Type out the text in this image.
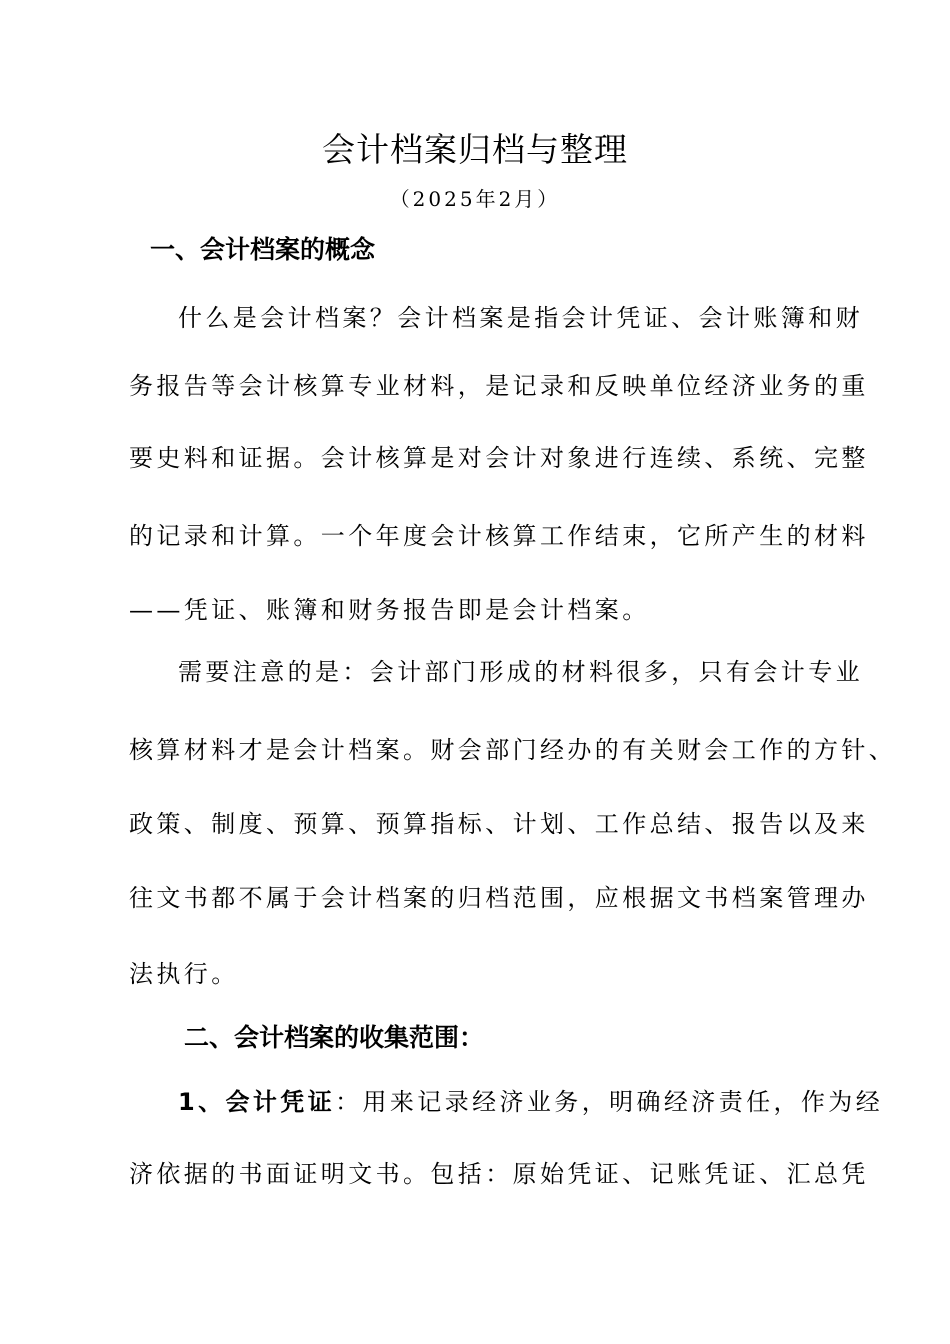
会计档案归档与整理
（2025年2月）
一、会计档案的概念
什么是会计档案？会计档案是指会计凭证、会计账簿和财
务报告等会计核算专业材料，是记录和反映单位经济业务的重
要史料和证据。会计核算是对会计对象进行连续、系统、完整
的记录和计算。一个年度会计核算工作结束，它所产生的材料
——凭证、账簿和财务报告即是会计档案。
需要注意的是：会计部门形成的材料很多，只有会计专业
核算材料才是会计档案。财会部门经办的有关财会工作的方针、
政策、制度、预算、预算指标、计划、工作总结、报告以及来
往文书都不属于会计档案的归档范围，应根据文书档案管理办
法执行。
二、会计档案的收集范围：
1、会计凭证：用来记录经济业务，明确经济责任，作为经
济依据的书面证明文书。包括：原始凭证、记账凭证、汇总凭
